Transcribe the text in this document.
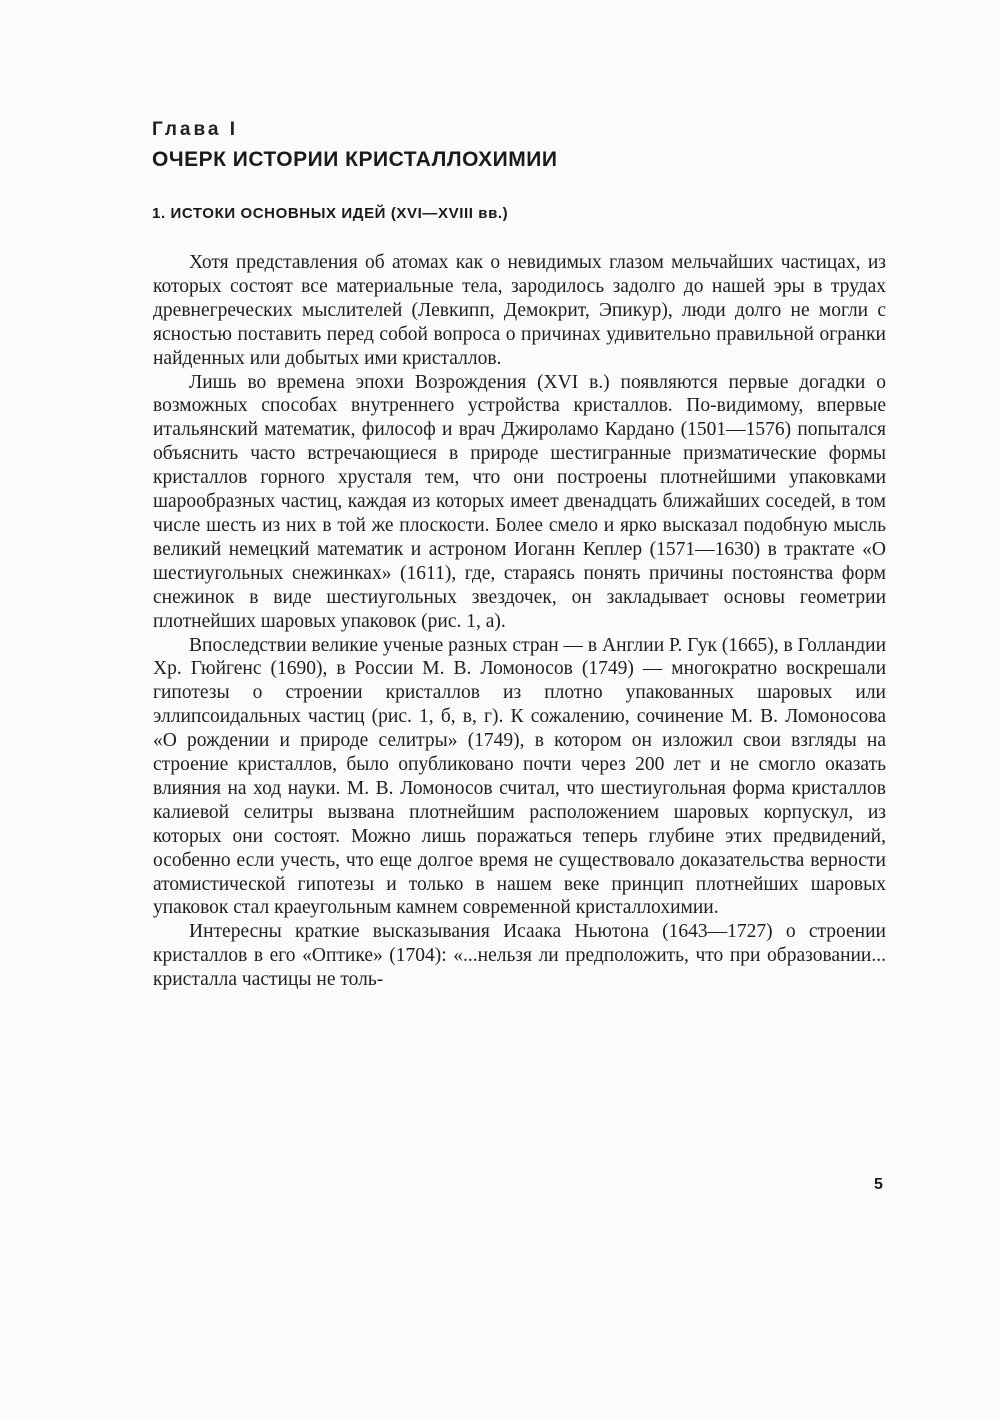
Глава I
ОЧЕРК ИСТОРИИ КРИСТАЛЛОХИМИИ
1. ИСТОКИ ОСНОВНЫХ ИДЕЙ (XVI—XVIII вв.)

Хотя представления об атомах как о невидимых глазом мельчайших частицах, из которых состоят все материальные тела, зародилось задолго до нашей эры в трудах древнегреческих мыслителей (Левкипп, Демокрит, Эпикур), люди долго не могли с ясностью поставить перед собой вопроса о причинах удивительно правильной огранки найденных или добытых ими кристаллов.

Лишь во времена эпохи Возрождения (XVI в.) появляются первые догадки о возможных способах внутреннего устройства кристаллов. По-видимому, впервые итальянский математик, философ и врач Джироламо Кардано (1501—1576) попытался объяснить часто встречающиеся в природе шестигранные призматические формы кристаллов горного хрусталя тем, что они построены плотнейшими упаковками шарообразных частиц, каждая из которых имеет двенадцать ближайших соседей, в том числе шесть из них в той же плоскости. Более смело и ярко высказал подобную мысль великий немецкий математик и астроном Иоганн Кеплер (1571—1630) в трактате «О шестиугольных снежинках» (1611), где, стараясь понять причины постоянства форм снежинок в виде шестиугольных звездочек, он закладывает основы геометрии плотнейших шаровых упаковок (рис. 1, а).

Впоследствии великие ученые разных стран — в Англии Р. Гук (1665), в Голландии Хр. Гюйгенс (1690), в России М. В. Ломоносов (1749) — многократно воскрешали гипотезы о строении кристаллов из плотно упакованных шаровых или эллипсоидальных частиц (рис. 1, б, в, г). К сожалению, сочинение М. В. Ломоносова «О рождении и природе селитры» (1749), в котором он изложил свои взгляды на строение кристаллов, было опубликовано почти через 200 лет и не смогло оказать влияния на ход науки. М. В. Ломоносов считал, что шестиугольная форма кристаллов калиевой селитры вызвана плотнейшим расположением шаровых корпускул, из которых они состоят. Можно лишь поражаться теперь глубине этих предвидений, особенно если учесть, что еще долгое время не существовало доказательства верности атомистической гипотезы и только в нашем веке принцип плотнейших шаровых упаковок стал краеугольным камнем современной кристаллохимии.

Интересны краткие высказывания Исаака Ньютона (1643—1727) о строении кристаллов в его «Оптике» (1704): «...нельзя ли предположить, что при образовании... кристалла частицы не толь-

5
